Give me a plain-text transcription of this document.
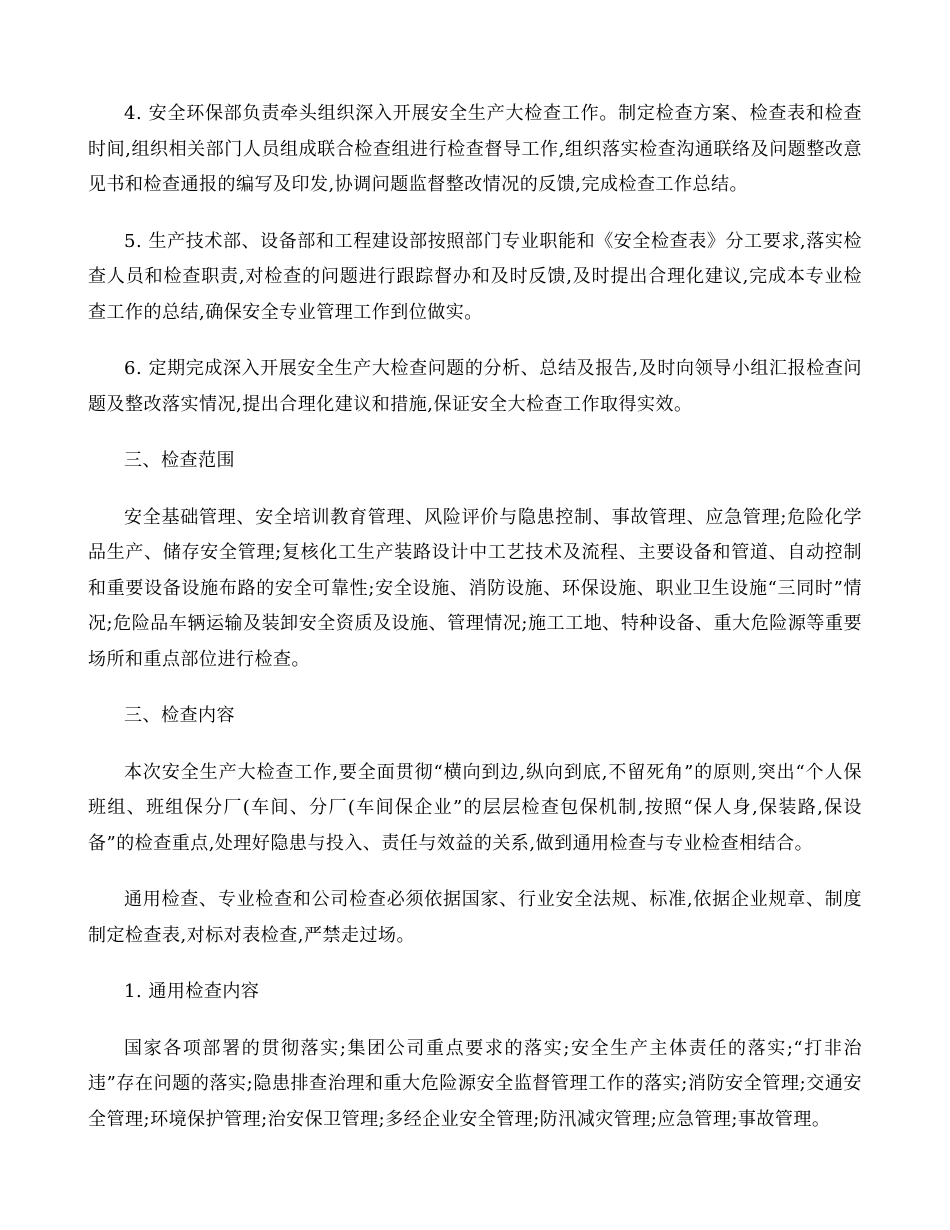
4. 安全环保部负责牵头组织深入开展安全生产大检查工作。制定检查方案、检查表和检查时间,组织相关部门人员组成联合检查组进行检查督导工作,组织落实检查沟通联络及问题整改意见书和检查通报的编写及印发,协调问题监督整改情况的反馈,完成检查工作总结。

5. 生产技术部、设备部和工程建设部按照部门专业职能和《安全检查表》分工要求,落实检查人员和检查职责,对检查的问题进行跟踪督办和及时反馈,及时提出合理化建议,完成本专业检查工作的总结,确保安全专业管理工作到位做实。

6. 定期完成深入开展安全生产大检查问题的分析、总结及报告,及时向领导小组汇报检查问题及整改落实情况,提出合理化建议和措施,保证安全大检查工作取得实效。

三、检查范围

安全基础管理、安全培训教育管理、风险评价与隐患控制、事故管理、应急管理;危险化学品生产、储存安全管理;复核化工生产装路设计中工艺技术及流程、主要设备和管道、自动控制和重要设备设施布路的安全可靠性;安全设施、消防设施、环保设施、职业卫生设施“三同时”情况;危险品车辆运输及装卸安全资质及设施、管理情况;施工工地、特种设备、重大危险源等重要场所和重点部位进行检查。

三、检查内容

本次安全生产大检查工作,要全面贯彻“横向到边,纵向到底,不留死角”的原则,突出“个人保班组、班组保分厂(车间、分厂(车间保企业”的层层检查包保机制,按照“保人身,保装路,保设备”的检查重点,处理好隐患与投入、责任与效益的关系,做到通用检查与专业检查相结合。

通用检查、专业检查和公司检查必须依据国家、行业安全法规、标准,依据企业规章、制度制定检查表,对标对表检查,严禁走过场。

1. 通用检查内容

国家各项部署的贯彻落实;集团公司重点要求的落实;安全生产主体责任的落实;“打非治违”存在问题的落实;隐患排查治理和重大危险源安全监督管理工作的落实;消防安全管理;交通安全管理;环境保护管理;治安保卫管理;多经企业安全管理;防汛减灾管理;应急管理;事故管理。
